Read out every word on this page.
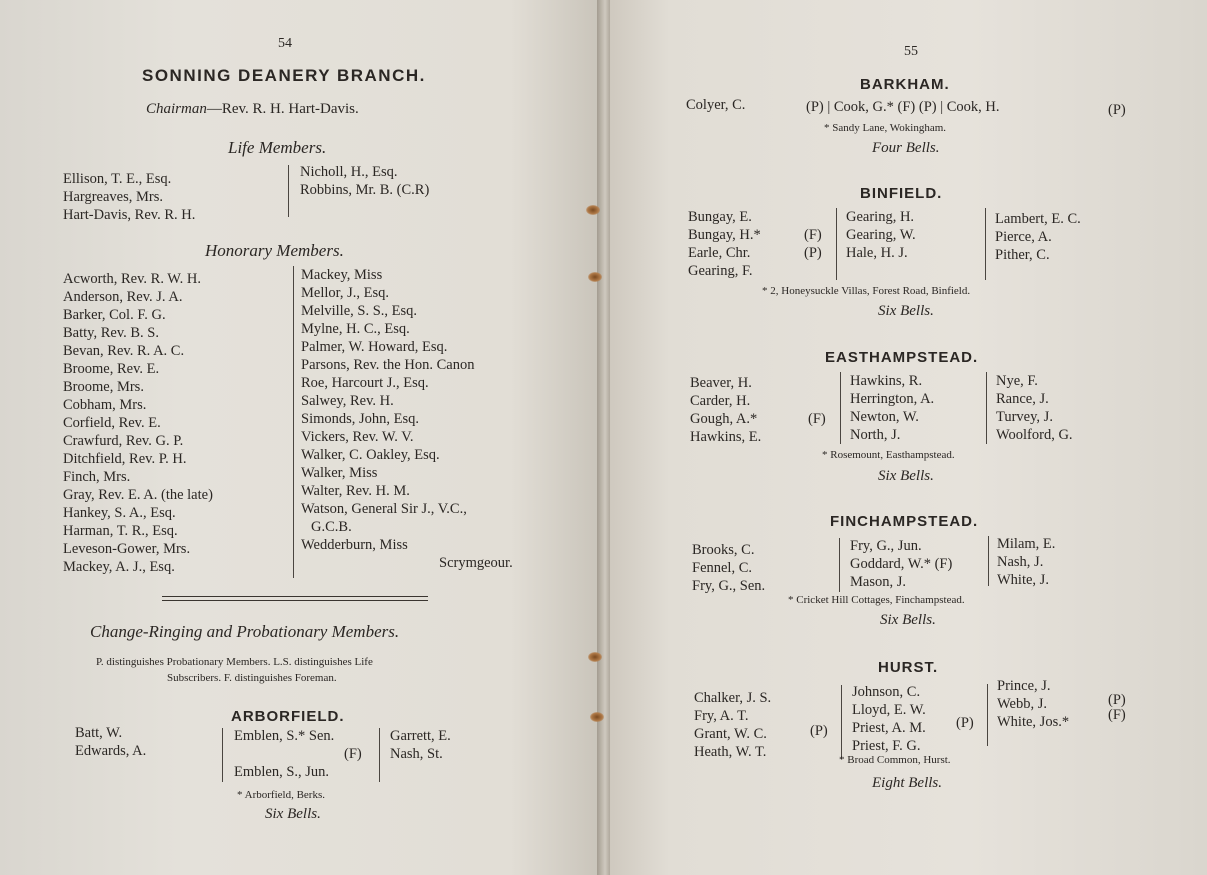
54
SONNING DEANERY BRANCH.
Chairman—Rev. R. H. Hart-Davis.
Life Members.
Ellison, T. E., Esq.
Hargreaves, Mrs.
Hart-Davis, Rev. R. H.
Nicholl, H., Esq.
Robbins, Mr. B. (C.R)
Honorary Members.
Acworth, Rev. R. W. H.
Anderson, Rev. J. A.
Barker, Col. F. G.
Batty, Rev. B. S.
Bevan, Rev. R. A. C.
Broome, Rev. E.
Broome, Mrs.
Cobham, Mrs.
Corfield, Rev. E.
Crawfurd, Rev. G. P.
Ditchfield, Rev. P. H.
Finch, Mrs.
Gray, Rev. E. A. (the late)
Hankey, S. A., Esq.
Harman, T. R., Esq.
Leveson-Gower, Mrs.
Mackey, A. J., Esq.
Mackey, Miss
Mellor, J., Esq.
Melville, S. S., Esq.
Mylne, H. C., Esq.
Palmer, W. Howard, Esq.
Parsons, Rev. the Hon. Canon
Roe, Harcourt J., Esq.
Salwey, Rev. H.
Simonds, John, Esq.
Vickers, Rev. W. V.
Walker, C. Oakley, Esq.
Walker, Miss
Walter, Rev. H. M.
Watson, General Sir J., V.C.,
G.C.B.
Wedderburn, Miss
Scrymgeour.
Change-Ringing and Probationary Members.
P. distinguishes Probationary Members. L.S. distinguishes Life
Subscribers. F. distinguishes Foreman.
ARBORFIELD.
Batt, W.
Edwards, A.
Emblen, S.* Sen.
(F)
Emblen, S., Jun.
Garrett, E.
Nash, St.
* Arborfield, Berks.
Six Bells.
55
BARKHAM.
Colyer, C.	(P) | Cook, G.* (F) (P) | Cook, H.	(P)
* Sandy Lane, Wokingham.
Four Bells.
BINFIELD.
Bungay, E.
Bungay, H.*
Earle, Chr.
Gearing, F.

(F)
(P)
Gearing, H.
Gearing, W.
Hale, H. J.
Lambert, E. C.
Pierce, A.
Pither, C.
* 2, Honeysuckle Villas, Forest Road, Binfield.
Six Bells.
EASTHAMPSTEAD.
Beaver, H.
Carder, H.
Gough, A.*
Hawkins, E.
(F)
Hawkins, R.
Herrington, A.
Newton, W.
North, J.
Nye, F.
Rance, J.
Turvey, J.
Woolford, G.
* Rosemount, Easthampstead.
Six Bells.
FINCHAMPSTEAD.
Brooks, C.
Fennel, C.
Fry, G., Sen.
Fry, G., Jun.
Goddard, W.* (F)
Mason, J.
Milam, E.
Nash, J.
White, J.
* Cricket Hill Cottages, Finchampstead.
Six Bells.
HURST.
Chalker, J. S.
Fry, A. T.
Grant, W. C.
Heath, W. T.
(P)
Johnson, C.
Lloyd, E. W.
Priest, A. M.
Priest, F. G.
(P)
Prince, J.
Webb, J.
White, Jos.*
(P)
(F)
* Broad Common, Hurst.
Eight Bells.
